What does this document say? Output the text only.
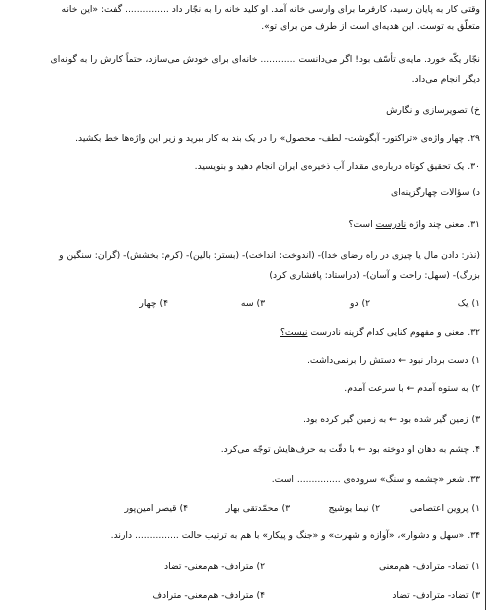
وقتی کار به پایان رسید، کارفرما برای وارسی خانه آمد. او کلید خانه را به نجّار داد ............... گفت: «این خانه
متعلّق به توست. این هدیه‌ای است از طرف من برای تو».
نجّار یکّه خورد. مایه‌ی تأسّف بود! اگر می‌دانست ............ خانه‌ای برای خودش می‌سازد، حتماً کارش را به گونه‌ای
دیگر انجام می‌داد.
خ) تصویرسازی و نگارش
۲۹. چهار واژه‌ی «تراکتور- آبگوشت- لطف- محصول» را در یک بند به کار ببرید و زیر این واژه‌ها خط بکشید.
۳۰. یک تحقیق کوتاه درباره‌ی مقدار آب ذخیره‌ی ایران انجام دهید و بنویسید.
د) سؤالات چهارگزینه‌ای
۳۱. معنی چند واژه نادرست است؟
(نذر: دادن مال یا چیزی در راه رضای خدا)- (اندوخت: انداخت)- (بستر: بالین)- (کرم: بخشش)- (گران: سنگین و
بزرگ)- (سهل: راحت و آسان)- (دراستاد: پافشاری کرد)
۱) یک
۲) دو
۳) سه
۴) چهار
۳۲. معنی و مفهوم کنایی کدام گزینه نادرست نیست؟
۱) دست بردار نبود ← دستش را برنمی‌داشت.
۲) به ستوه آمدم ← با سرعت آمدم.
۳) زمین گیر شده بود ← به زمین گیر کرده بود.
۴. چشم به دهان او دوخته بود ← با دقّت به حرف‌هایش توجّه می‌کرد.
۳۳. شعر «چشمه و سنگ» سروده‌ی ............... است.
۱) پروین اعتصامی
۲) نیما یوشیج
۳) محمّدتقی بهار
۴) قیصر امین‌پور
۳۴. «سهل و دشوار»، «آوازه و شهرت» و «جنگ و پیکار» با هم به ترتیب حالت ............... دارند.
۱) تضاد- مترادف- هم‌معنی
۲) مترادف- هم‌معنی- تضاد
۳) تضاد- مترادف- تضاد
۴) مترادف- هم‌معنی- مترادف
